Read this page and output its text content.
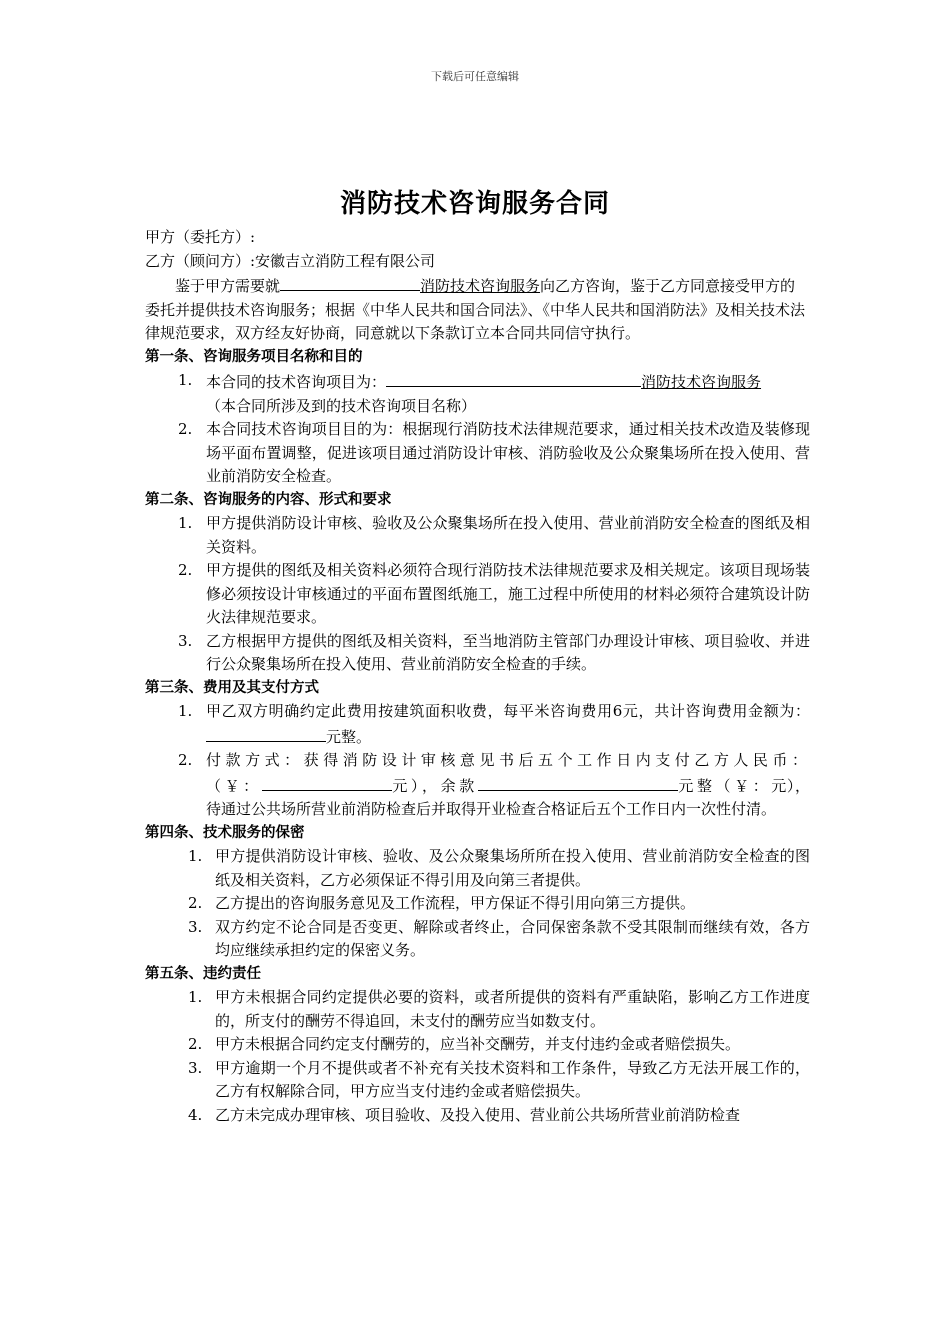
下载后可任意编辑
消防技术咨询服务合同

甲方（委托方）:

乙方（顾问方）:安徽吉立消防工程有限公司

鉴于甲方需要就	消防技术咨询服务向乙方咨询，鉴于乙方同意接受甲方的委托并提供技术咨询服务；根据《中华人民共和国合同法》、《中华人民共和国消防法》及相关技术法律规范要求，双方经友好协商，同意就以下条款订立本合同共同信守执行。

第一条、咨询服务项目名称和目的

1. 本合同的技术咨询项目为：	消防技术咨询服务
（本合同所涉及到的技术咨询项目名称）
2. 本合同技术咨询项目目的为：根据现行消防技术法律规范要求，通过相关技术改造及装修现场平面布置调整，促进该项目通过消防设计审核、消防验收及公众聚集场所在投入使用、营业前消防安全检查。

第二条、咨询服务的内容、形式和要求

1. 甲方提供消防设计审核、验收及公众聚集场所在投入使用、营业前消防安全检查的图纸及相关资料。
2. 甲方提供的图纸及相关资料必须符合现行消防技术法律规范要求及相关规定。该项目现场装修必须按设计审核通过的平面布置图纸施工，施工过程中所使用的材料必须符合建筑设计防火法律规范要求。
3. 乙方根据甲方提供的图纸及相关资料，至当地消防主管部门办理设计审核、项目验收、并进行公众聚集场所在投入使用、营业前消防安全检查的手续。

第三条、费用及其支付方式

1. 甲乙双方明确约定此费用按建筑面积收费，每平米咨询费用6元，共计咨询费用金额为：元整。
2. 付款方式：获得消防设计审核意见书后五个工作日内支付乙方人民币：（￥：	元），余款	元整（￥：元），待通过公共场所营业前消防检查后并取得开业检查合格证后五个工作日内一次性付清。

第四条、技术服务的保密

1. 甲方提供消防设计审核、验收、及公众聚集场所所在投入使用、营业前消防安全检查的图纸及相关资料，乙方必须保证不得引用及向第三者提供。
2. 乙方提出的咨询服务意见及工作流程，甲方保证不得引用向第三方提供。
3. 双方约定不论合同是否变更、解除或者终止，合同保密条款不受其限制而继续有效，各方均应继续承担约定的保密义务。

第五条、违约责任

1. 甲方未根据合同约定提供必要的资料，或者所提供的资料有严重缺陷，影响乙方工作进度的，所支付的酬劳不得追回，未支付的酬劳应当如数支付。
2. 甲方未根据合同约定支付酬劳的，应当补交酬劳，并支付违约金或者赔偿损失。
3. 甲方逾期一个月不提供或者不补充有关技术资料和工作条件，导致乙方无法开展工作的，乙方有权解除合同，甲方应当支付违约金或者赔偿损失。
4. 乙方未完成办理审核、项目验收、及投入使用、营业前公共场所营业前消防检查
